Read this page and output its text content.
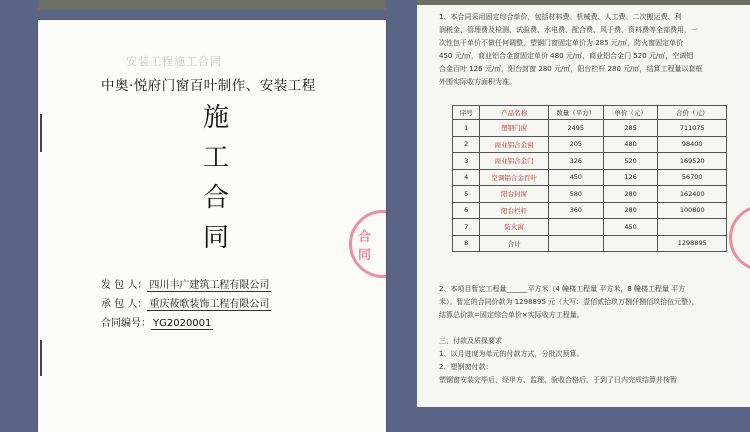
安装工程施工合同
中奥·悦府门窗百叶制作、安装工程
施
工
合
同
发 包 人： 四川丰广建筑工程有限公司
承 包 人： 重庆莜歌装饰工程有限公司
合同编号： YG2020001
合
同
1、本合同采用固定综合单价，包括材料费、机械费、人工费、二次搬运费、利
润税金、管理费及检测、试验费、水电费、配合费、风于费、资料费等全部费用，一
次性包干单价不做任何调整，塑钢门窗固定单价为 285 元/㎡，防火窗固定单价
450 元/㎡，商业铝合金窗固定单价 480 元/㎡，商业铝合金门 520 元/㎡，空调铝
合金百叶 126 元/㎡，阳台封窗 280 元/㎡，阳台栏杆 280 元/㎡，结算工程量以套框
外围实际收方面积为准。
序号	产品名称	数量（平方）	单价（元）	合价（元）
1	塑钢门窗	2495	285	711075
2	商业铝合金窗	205	480	98400
3	商业铝合金门	326	520	169520
4	空调铝合金百叶	450	126	56700
5	阳台封窗	580	280	162400
6	阳台栏杆	360	280	100800
7	防火窗		450	
8	合计			1298895
2、本项目暂定工程量______平方米（4 幢楼工程量 平方米，8 幢楼工程量 平方
米）。暂定的合同价款为 1298895 元（大写：壹佰贰拾玖万捌仟捌佰玖拾伍元整），
结算总价款=固定综合单价×实际收方工程量。
三、付款及质保要求
1、以月进度为单元的付款方式，分批次预算。
2、塑钢窗付款：
塑钢窗安装完毕后，经甲方、监理、验收合格后，于到了日内完成结算并按暂
